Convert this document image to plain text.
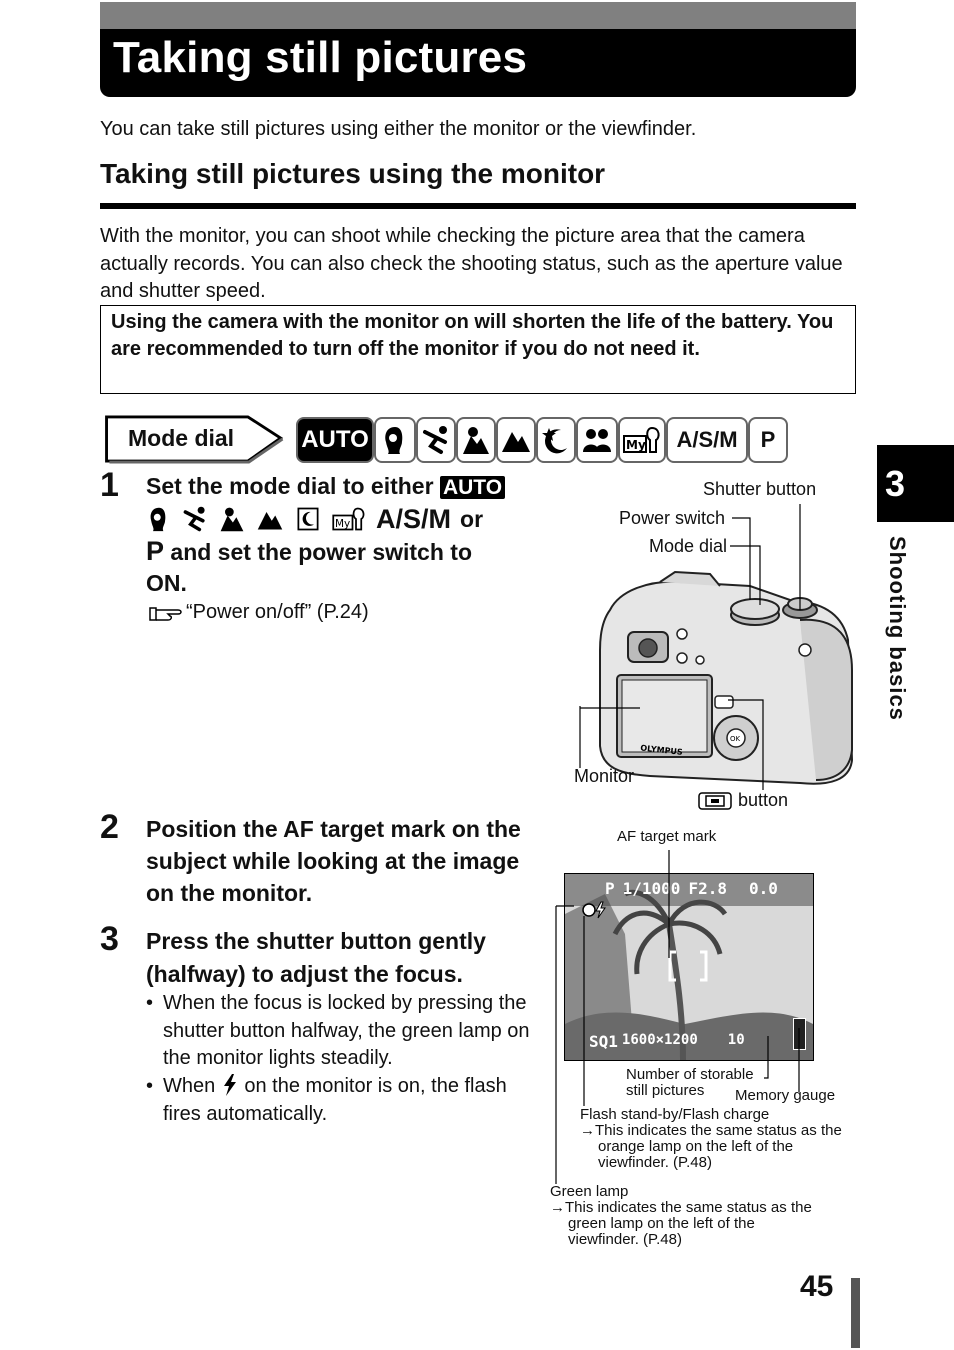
Taking still pictures
You can take still pictures using either the monitor or the viewfinder.
Taking still pictures using the monitor
With the monitor, you can shoot while checking the picture area that the camera actually records. You can also check the shooting status, such as the aperture value and shutter speed.
Using the camera with the monitor on will shorten the life of the battery. You are recommended to turn off the monitor if you do not need it.
Mode dial	AUTO	My	A/S/M	P
3
Shooting basics
1 Set the mode dial to either AUTO
My A/S/M or
P and set the power switch to
ON.
“Power on/off” (P.24)
2 Position the AF target mark on the subject while looking at the image on the monitor.
3 Press the shutter button gently (halfway) to adjust the focus.
• When the focus is locked by pressing the shutter button halfway, the green lamp on the monitor lights steadily.
• When on the monitor is on, the flash fires automatically.
OK
OLYMPUS
Shutter button
Power switch
Mode dial
Monitor
button
P 1/1000 F2.8 0.0
SQ1 1600×1200 10
AF target mark
Number of storable still pictures	Memory gauge
Flash stand-by/Flash charge
→This indicates the same status as the orange lamp on the left of the viewfinder. (P.48)
Green lamp
→This indicates the same status as the green lamp on the left of the viewfinder. (P.48)
45
